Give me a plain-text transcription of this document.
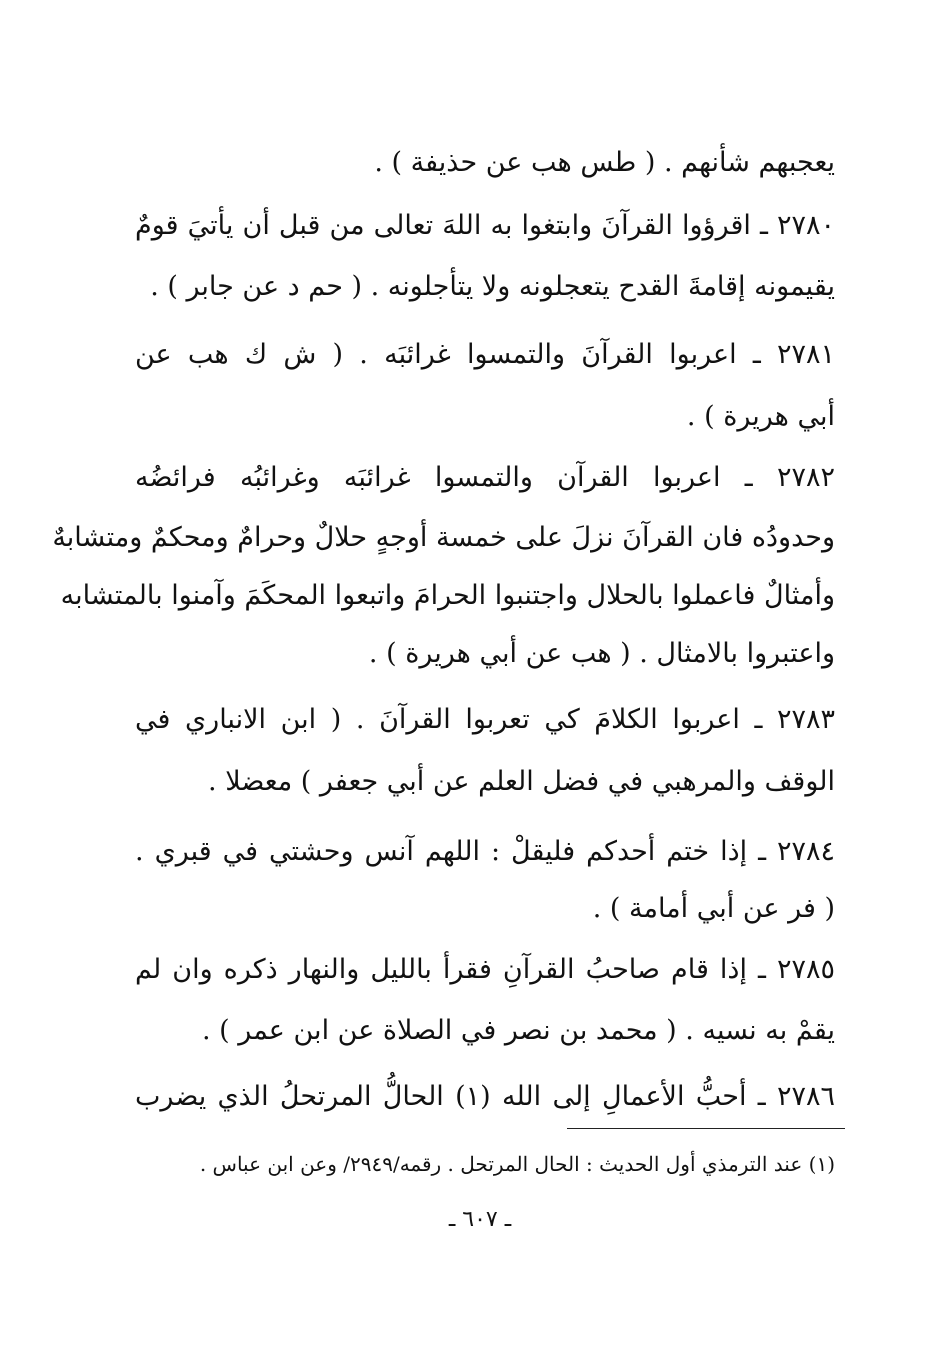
يعجبهم شأنهم . ( طس هب عن حذيفة ) .
٢٧٨٠ ـ اقرؤوا القرآنَ وابتغوا به اللهَ تعالى من قبل أن يأتيَ قومٌ
يقيمونه إقامةَ القدح يتعجلونه ولا يتأجلونه . ( حم د عن جابر ) .
٢٧٨١ ـ اعربوا القرآنَ والتمسوا غرائبَه . ( ش ك هب عن
أبي هريرة ) .
٢٧٨٢ ـ اعربوا القرآن والتمسوا غرائبَه وغرائبُه فرائضُه
وحدودُه فان القرآنَ نزلَ على خمسة أوجهٍ حلالٌ وحرامٌ ومحكمٌ ومتشابهٌ
وأمثالٌ فاعملوا بالحلال واجتنبوا الحرامَ واتبعوا المحكَمَ وآمنوا بالمتشابه
واعتبروا بالامثال . ( هب عن أبي هريرة ) .
٢٧٨٣ ـ اعربوا الكلامَ كي تعربوا القرآنَ . ( ابن الانباري في
الوقف والمرهبي في فضل العلم عن أبي جعفر ) معضلا .
٢٧٨٤ ـ إذا ختم أحدكم فليقلْ : اللهم آنس وحشتي في قبري .
( فر عن أبي أمامة ) .
٢٧٨٥ ـ إذا قام صاحبُ القرآنِ فقرأ بالليل والنهار ذكره وان لم
يقمْ به نسيه . ( محمد بن نصر في الصلاة عن ابن عمر ) .
٢٧٨٦ ـ أحبُّ الأعمالِ إلى الله (١) الحالُّ المرتحلُ الذي يضرب
(١) عند الترمذي أول الحديث : الحال المرتحل . رقمه/٢٩٤٩/ وعن ابن عباس .
ـ ٦٠٧ ـ
